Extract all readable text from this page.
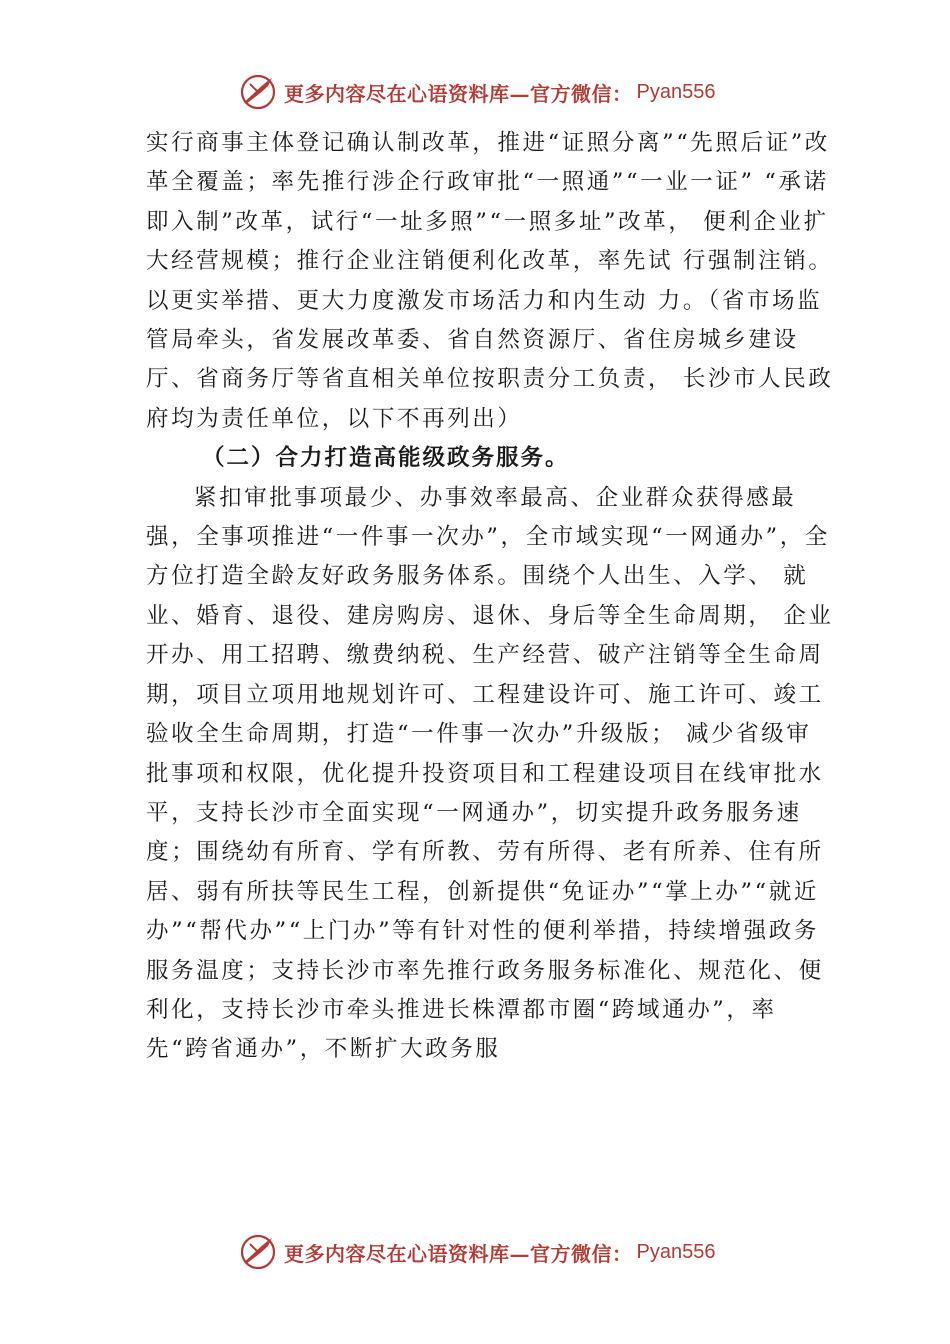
更多内容尽在心语资料库—官方微信： Pyan556

实行商事主体登记确认制改革，推进“证照分离”“先照后证”改革全覆盖；率先推行涉企行政审批“一照通”“一业一证” “承诺即入制”改革，试行“一址多照”“一照多址”改革， 便利企业扩大经营规模；推行企业注销便利化改革，率先试 行强制注销。以更实举措、更大力度激发市场活力和内生动 力。（省市场监管局牵头，省发展改革委、省自然资源厅、省住房城乡建设厅、省商务厅等省直相关单位按职责分工负责， 长沙市人民政府均为责任单位，以下不再列出）

（二）合力打造高能级政务服务。

紧扣审批事项最少、办事效率最高、企业群众获得感最强，全事项推进“一件事一次办”，全市域实现“一网通办”，全方位打造全龄友好政务服务体系。围绕个人出生、入学、 就业、婚育、退役、建房购房、退休、身后等全生命周期， 企业开办、用工招聘、缴费纳税、生产经营、破产注销等全生命周期，项目立项用地规划许可、工程建设许可、施工许可、竣工验收全生命周期，打造“一件事一次办”升级版； 减少省级审批事项和权限，优化提升投资项目和工程建设项目在线审批水平，支持长沙市全面实现“一网通办”，切实提升政务服务速度；围绕幼有所育、学有所教、劳有所得、老有所养、住有所居、弱有所扶等民生工程，创新提供“免证办”“掌上办”“就近办”“帮代办”“上门办”等有针对性的便利举措，持续增强政务服务温度；支持长沙市率先推行政务服务标准化、规范化、便利化，支持长沙市牵头推进长株潭都市圈“跨域通办”，率先“跨省通办”，不断扩大政务服

更多内容尽在心语资料库—官方微信： Pyan556
